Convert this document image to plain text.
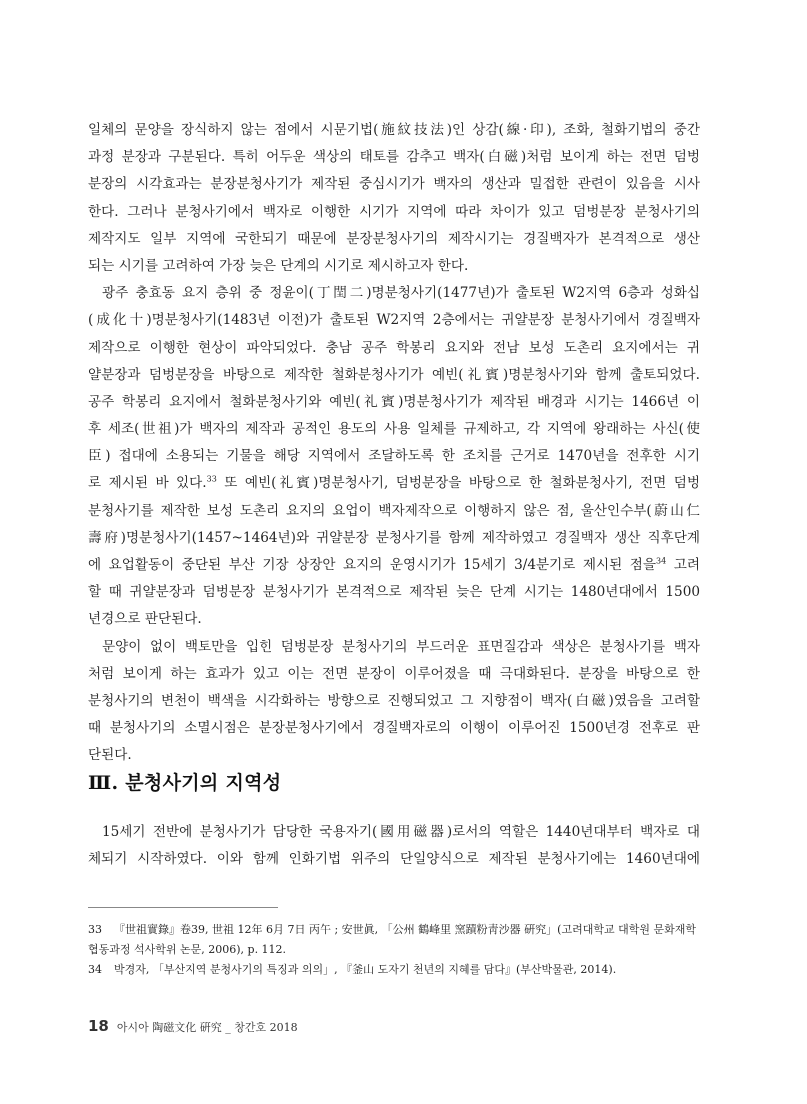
일체의 문양을 장식하지 않는 점에서 시문기법(施紋技法)인 상감(線·印), 조화, 철화기법의 중간
과정 분장과 구분된다. 특히 어두운 색상의 태토를 감추고 백자(白磁)처럼 보이게 하는 전면 덤벙
분장의 시각효과는 분장분청사기가 제작된 중심시기가 백자의 생산과 밀접한 관련이 있음을 시사
한다. 그러나 분청사기에서 백자로 이행한 시기가 지역에 따라 차이가 있고 덤벙분장 분청사기의
제작지도 일부 지역에 국한되기 때문에 분장분청사기의 제작시기는 경질백자가 본격적으로 생산
되는 시기를 고려하여 가장 늦은 단계의 시기로 제시하고자 한다.
광주 충효동 요지 층위 중 정윤이(丁閏二)명분청사기(1477년)가 출토된 W2지역 6층과 성화십
(成化十)명분청사기(1483년 이전)가 출토된 W2지역 2층에서는 귀얄분장 분청사기에서 경질백자
제작으로 이행한 현상이 파악되었다. 충남 공주 학봉리 요지와 전남 보성 도촌리 요지에서는 귀
얄분장과 덤벙분장을 바탕으로 제작한 철화분청사기가 예빈(礼賓)명분청사기와 함께 출토되었다.
공주 학봉리 요지에서 철화분청사기와 예빈(礼賓)명분청사기가 제작된 배경과 시기는 1466년 이
후 세조(世祖)가 백자의 제작과 공적인 용도의 사용 일체를 규제하고, 각 지역에 왕래하는 사신(使
臣) 접대에 소용되는 기물을 해당 지역에서 조달하도록 한 조치를 근거로 1470년을 전후한 시기
로 제시된 바 있다.$^{33}$ 또 예빈(礼賓)명분청사기, 덤벙분장을 바탕으로 한 철화분청사기, 전면 덤벙
분청사기를 제작한 보성 도촌리 요지의 요업이 백자제작으로 이행하지 않은 점, 울산인수부(蔚山仁
壽府)명분청사기(1457~1464년)와 귀얄분장 분청사기를 함께 제작하였고 경질백자 생산 직후단계
에 요업활동이 중단된 부산 기장 상장안 요지의 운영시기가 15세기 3/4분기로 제시된 점을$^{34}$ 고려
할 때 귀얄분장과 덤벙분장 분청사기가 본격적으로 제작된 늦은 단계 시기는 1480년대에서 1500
년경으로 판단된다.
문양이 없이 백토만을 입힌 덤벙분장 분청사기의 부드러운 표면질감과 색상은 분청사기를 백자
처럼 보이게 하는 효과가 있고 이는 전면 분장이 이루어졌을 때 극대화된다. 분장을 바탕으로 한
분청사기의 변천이 백색을 시각화하는 방향으로 진행되었고 그 지향점이 백자(白磁)였음을 고려할
때 분청사기의 소멸시점은 분장분청사기에서 경질백자로의 이행이 이루어진 1500년경 전후로 판
단된다.
Ⅲ. 분청사기의 지역성
15세기 전반에 분청사기가 담당한 국용자기(國用磁器)로서의 역할은 1440년대부터 백자로 대
체되기 시작하였다. 이와 함께 인화기법 위주의 단일양식으로 제작된 분청사기에는 1460년대에
33 『世祖實錄』卷39, 世祖 12年 6月 7日 丙午 ; 安世眞, 「公州 鶴峰里 窯蹟粉靑沙器 硏究」(고려대학교 대학원 문화재학
협동과정 석사학위 논문, 2006), p. 112.
34 박경자, 「부산지역 분청사기의 특징과 의의」, 『釜山 도자기 천년의 지혜를 담다』(부산박물관, 2014).
18 아시아 陶磁文化 硏究 _ 창간호 2018
